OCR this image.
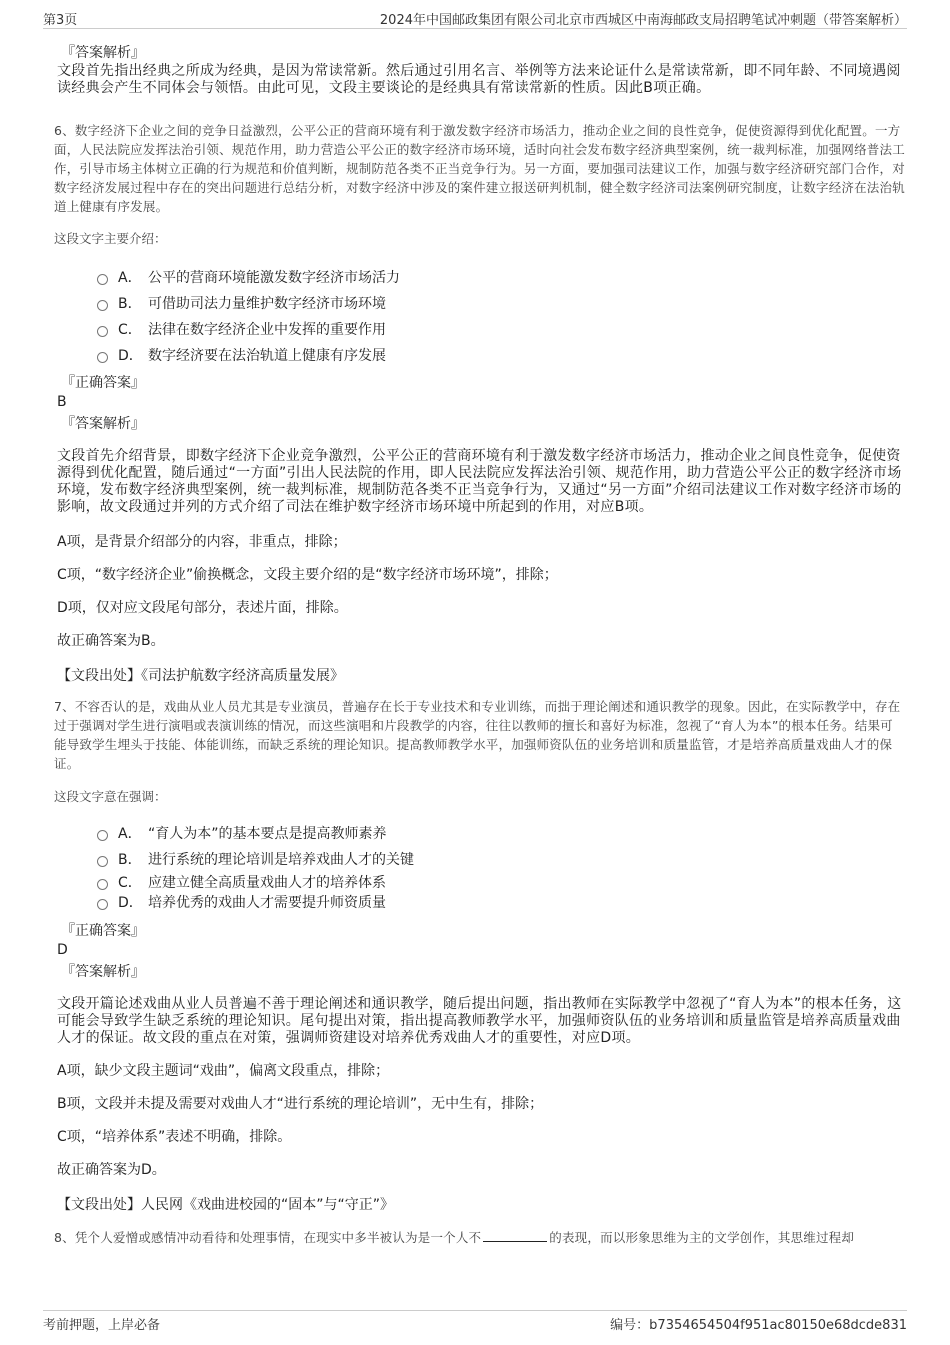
第3页	2024年中国邮政集团有限公司北京市西城区中南海邮政支局招聘笔试冲刺题（带答案解析）
『答案解析』
文段首先指出经典之所成为经典，是因为常读常新。然后通过引用名言、举例等方法来论证什么是常读常新，即不同年龄、不同境遇阅读经典会产生不同体会与领悟。由此可见，文段主要谈论的是经典具有常读常新的性质。因此B项正确。
6、数字经济下企业之间的竞争日益激烈，公平公正的营商环境有利于激发数字经济市场活力，推动企业之间的良性竞争，促使资源得到优化配置。一方面，人民法院应发挥法治引领、规范作用，助力营造公平公正的数字经济市场环境，适时向社会发布数字经济典型案例，统一裁判标准，加强网络普法工作，引导市场主体树立正确的行为规范和价值判断，规制防范各类不正当竞争行为。另一方面，要加强司法建议工作，加强与数字经济研究部门合作，对数字经济发展过程中存在的突出问题进行总结分析，对数字经济中涉及的案件建立报送研判机制，健全数字经济司法案例研究制度，让数字经济在法治轨道上健康有序发展。
这段文字主要介绍：
A． 公平的营商环境能激发数字经济市场活力
B． 可借助司法力量维护数字经济市场环境
C． 法律在数字经济企业中发挥的重要作用
D． 数字经济要在法治轨道上健康有序发展
『正确答案』
B
『答案解析』
文段首先介绍背景，即数字经济下企业竞争激烈，公平公正的营商环境有利于激发数字经济市场活力，推动企业之间良性竞争，促使资源得到优化配置，随后通过“一方面”引出人民法院的作用，即人民法院应发挥法治引领、规范作用，助力营造公平公正的数字经济市场环境，发布数字经济典型案例，统一裁判标准，规制防范各类不正当竞争行为，又通过“另一方面”介绍司法建议工作对数字经济市场的影响，故文段通过并列的方式介绍了司法在维护数字经济市场环境中所起到的作用，对应B项。
A项，是背景介绍部分的内容，非重点，排除；
C项，“数字经济企业”偷换概念，文段主要介绍的是“数字经济市场环境”，排除；
D项，仅对应文段尾句部分，表述片面，排除。
故正确答案为B。
【文段出处】《司法护航数字经济高质量发展》
7、不容否认的是，戏曲从业人员尤其是专业演员，普遍存在长于专业技术和专业训练，而拙于理论阐述和通识教学的现象。因此，在实际教学中，存在过于强调对学生进行演唱或表演训练的情况，而这些演唱和片段教学的内容，往往以教师的擅长和喜好为标准，忽视了“育人为本”的根本任务。结果可能导致学生埋头于技能、体能训练，而缺乏系统的理论知识。提高教师教学水平，加强师资队伍的业务培训和质量监管，才是培养高质量戏曲人才的保证。
这段文字意在强调：
A． “育人为本”的基本要点是提高教师素养
B． 进行系统的理论培训是培养戏曲人才的关键
C． 应建立健全高质量戏曲人才的培养体系
D． 培养优秀的戏曲人才需要提升师资质量
『正确答案』
D
『答案解析』
文段开篇论述戏曲从业人员普遍不善于理论阐述和通识教学，随后提出问题，指出教师在实际教学中忽视了“育人为本”的根本任务，这可能会导致学生缺乏系统的理论知识。尾句提出对策，指出提高教师教学水平，加强师资队伍的业务培训和质量监管是培养高质量戏曲人才的保证。故文段的重点在对策，强调师资建设对培养优秀戏曲人才的重要性，对应D项。
A项，缺少文段主题词“戏曲”，偏离文段重点，排除；
B项，文段并未提及需要对戏曲人才“进行系统的理论培训”，无中生有，排除；
C项，“培养体系”表述不明确，排除。
故正确答案为D。
【文段出处】人民网《戏曲进校园的“固本”与“守正”》
8、凭个人爱憎或感情冲动看待和处理事情，在现实中多半被认为是一个人不	的表现，而以形象思维为主的文学创作，其思维过程却
考前押题，上岸必备	编号：b7354654504f951ac80150e68dcde831
